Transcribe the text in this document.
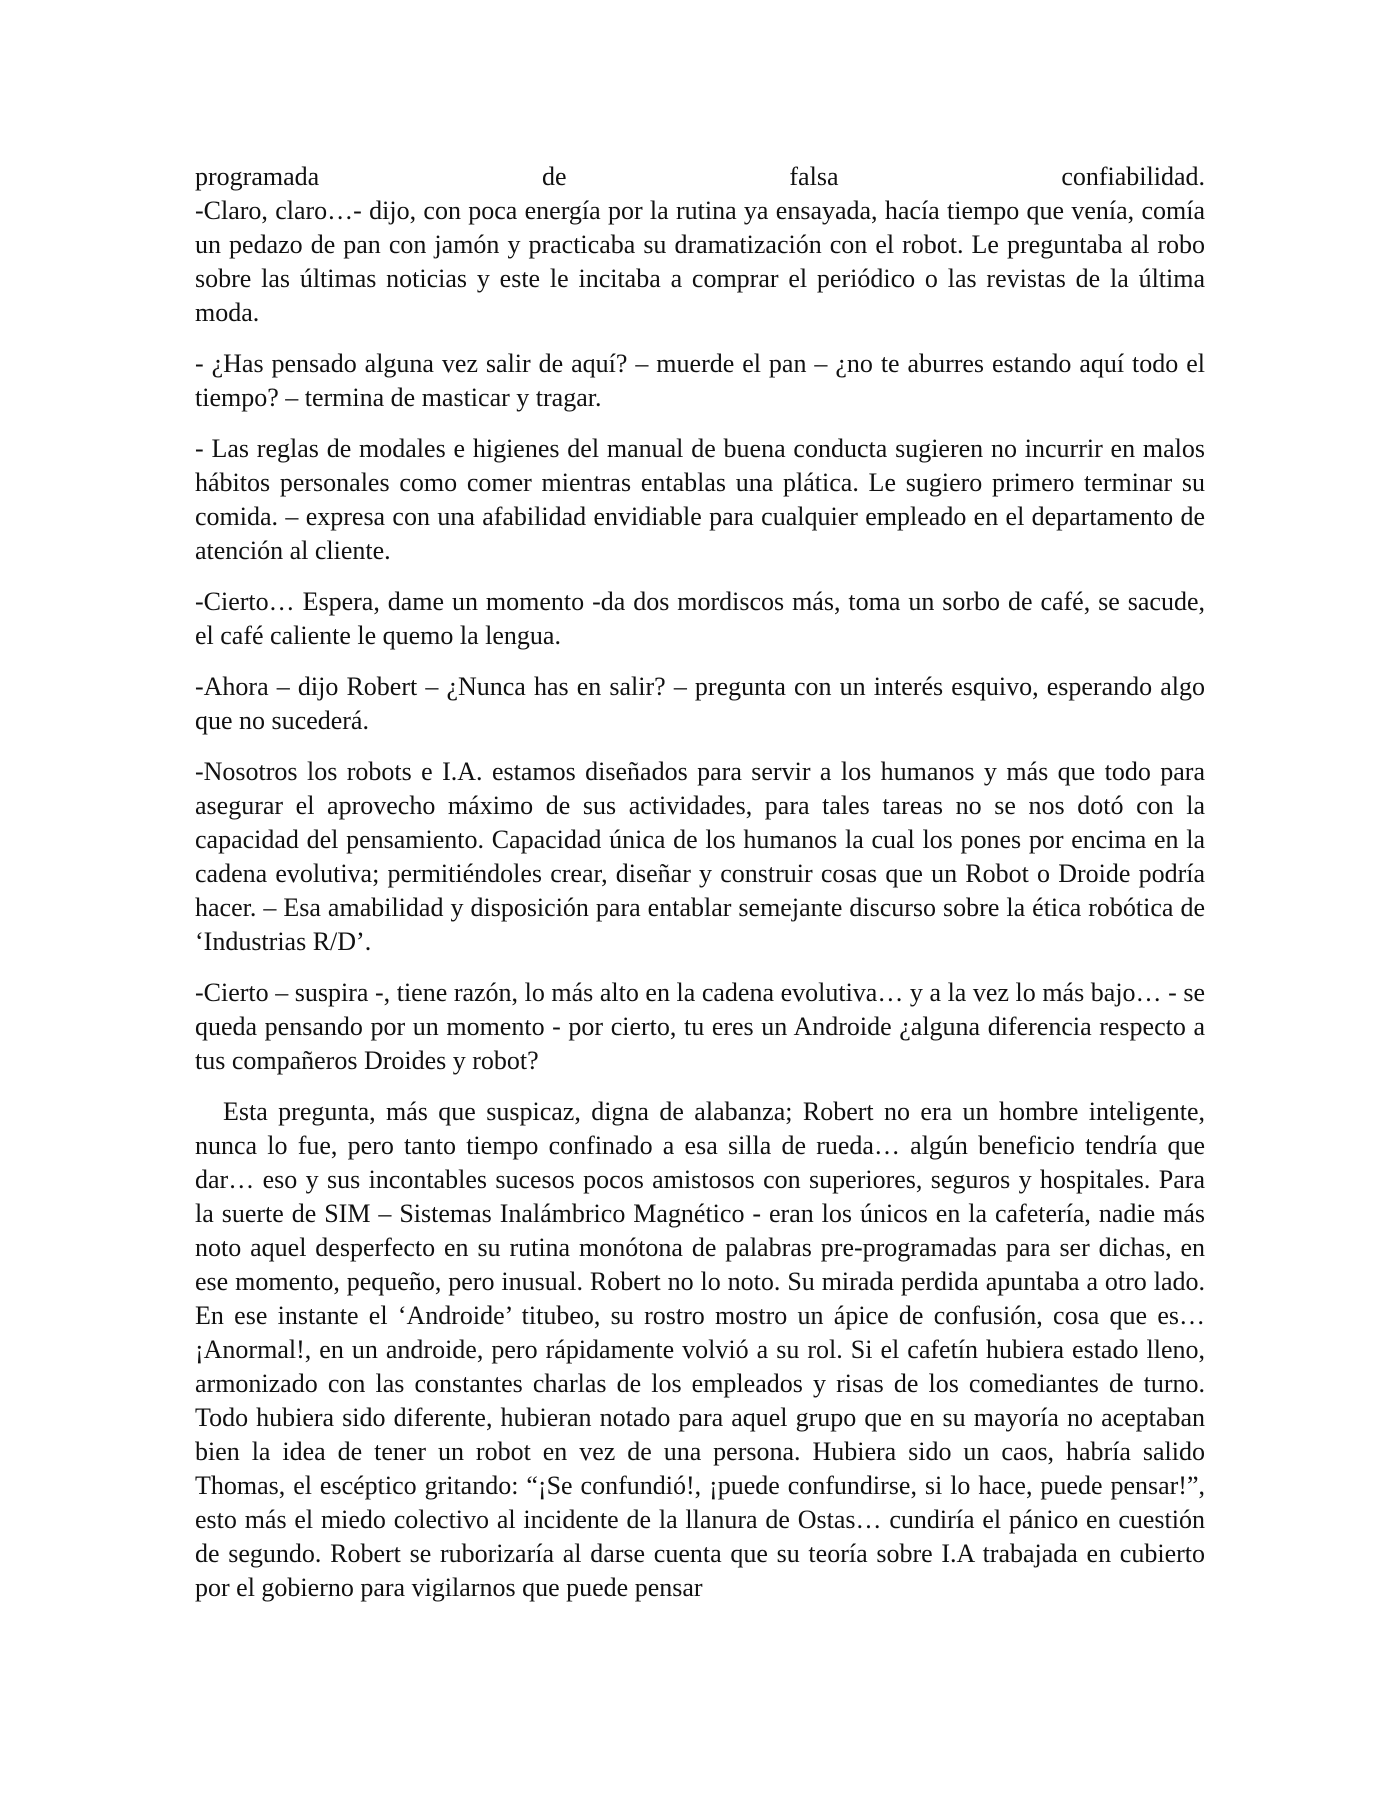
programada de falsa confiabilidad.
-Claro, claro…- dijo, con poca energía por la rutina ya ensayada, hacía tiempo que venía, comía un pedazo de pan con jamón y practicaba su dramatización con el robot. Le preguntaba al robo sobre las últimas noticias y este le incitaba a comprar el periódico o las revistas de la última moda.

- ¿Has pensado alguna vez salir de aquí? – muerde el pan – ¿no te aburres estando aquí todo el tiempo? – termina de masticar y tragar.

- Las reglas de modales e higienes del manual de buena conducta sugieren no incurrir en malos hábitos personales como comer mientras entablas una plática. Le sugiero primero terminar su comida. – expresa con una afabilidad envidiable para cualquier empleado en el departamento de atención al cliente.

-Cierto… Espera, dame un momento -da dos mordiscos más, toma un sorbo de café, se sacude, el café caliente le quemo la lengua.

-Ahora – dijo Robert – ¿Nunca has en salir? – pregunta con un interés esquivo, esperando algo que no sucederá.

-Nosotros los robots e I.A. estamos diseñados para servir a los humanos y más que todo para asegurar el aprovecho máximo de sus actividades, para tales tareas no se nos dotó con la capacidad del pensamiento. Capacidad única de los humanos la cual los pones por encima en la cadena evolutiva; permitiéndoles crear, diseñar y construir cosas que un Robot o Droide podría hacer. – Esa amabilidad y disposición para entablar semejante discurso sobre la ética robótica de ‘Industrias R/D’.

-Cierto – suspira -, tiene razón, lo más alto en la cadena evolutiva… y a la vez lo más bajo… - se queda pensando por un momento - por cierto, tu eres un Androide ¿alguna diferencia respecto a tus compañeros Droides y robot?

Esta pregunta, más que suspicaz, digna de alabanza; Robert no era un hombre inteligente, nunca lo fue, pero tanto tiempo confinado a esa silla de rueda… algún beneficio tendría que dar… eso y sus incontables sucesos pocos amistosos con superiores, seguros y hospitales. Para la suerte de SIM – Sistemas Inalámbrico Magnético - eran los únicos en la cafetería, nadie más noto aquel desperfecto en su rutina monótona de palabras pre-programadas para ser dichas, en ese momento, pequeño, pero inusual. Robert no lo noto. Su mirada perdida apuntaba a otro lado. En ese instante el ‘Androide’ titubeo, su rostro mostro un ápice de confusión, cosa que es… ¡Anormal!, en un androide, pero rápidamente volvió a su rol. Si el cafetín hubiera estado lleno, armonizado con las constantes charlas de los empleados y risas de los comediantes de turno. Todo hubiera sido diferente, hubieran notado para aquel grupo que en su mayoría no aceptaban bien la idea de tener un robot en vez de una persona. Hubiera sido un caos, habría salido Thomas, el escéptico gritando: “¡Se confundió!, ¡puede confundirse, si lo hace, puede pensar!”, esto más el miedo colectivo al incidente de la llanura de Ostas… cundiría el pánico en cuestión de segundo. Robert se ruborizaría al darse cuenta que su teoría sobre I.A trabajada en cubierto por el gobierno para vigilarnos que puede pensar
